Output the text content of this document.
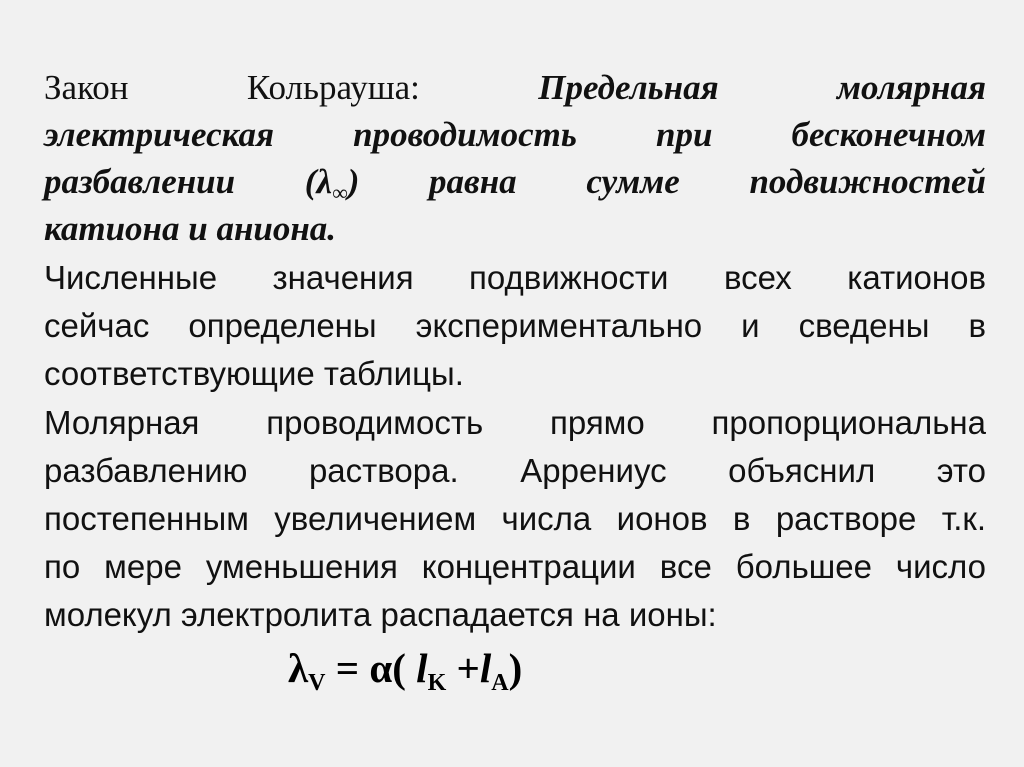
Закон Кольрауша:	Предельная молярная
электрическая проводимость при бесконечном
разбавлении $(\lambda_\infty)$ равна сумме подвижностей
катиона и аниона.
Численные значения подвижности всех катионов
сейчас определены экспериментально и сведены в
соответствующие таблицы.
Молярная проводимость прямо пропорциональна
разбавлению раствора. Аррениус объяснил это
постепенным увеличением числа ионов в растворе т.к.
по мере уменьшения концентрации все большее число
молекул электролита распадается на ионы:
$\lambda_V = \alpha$( $l_K +l_A$)
